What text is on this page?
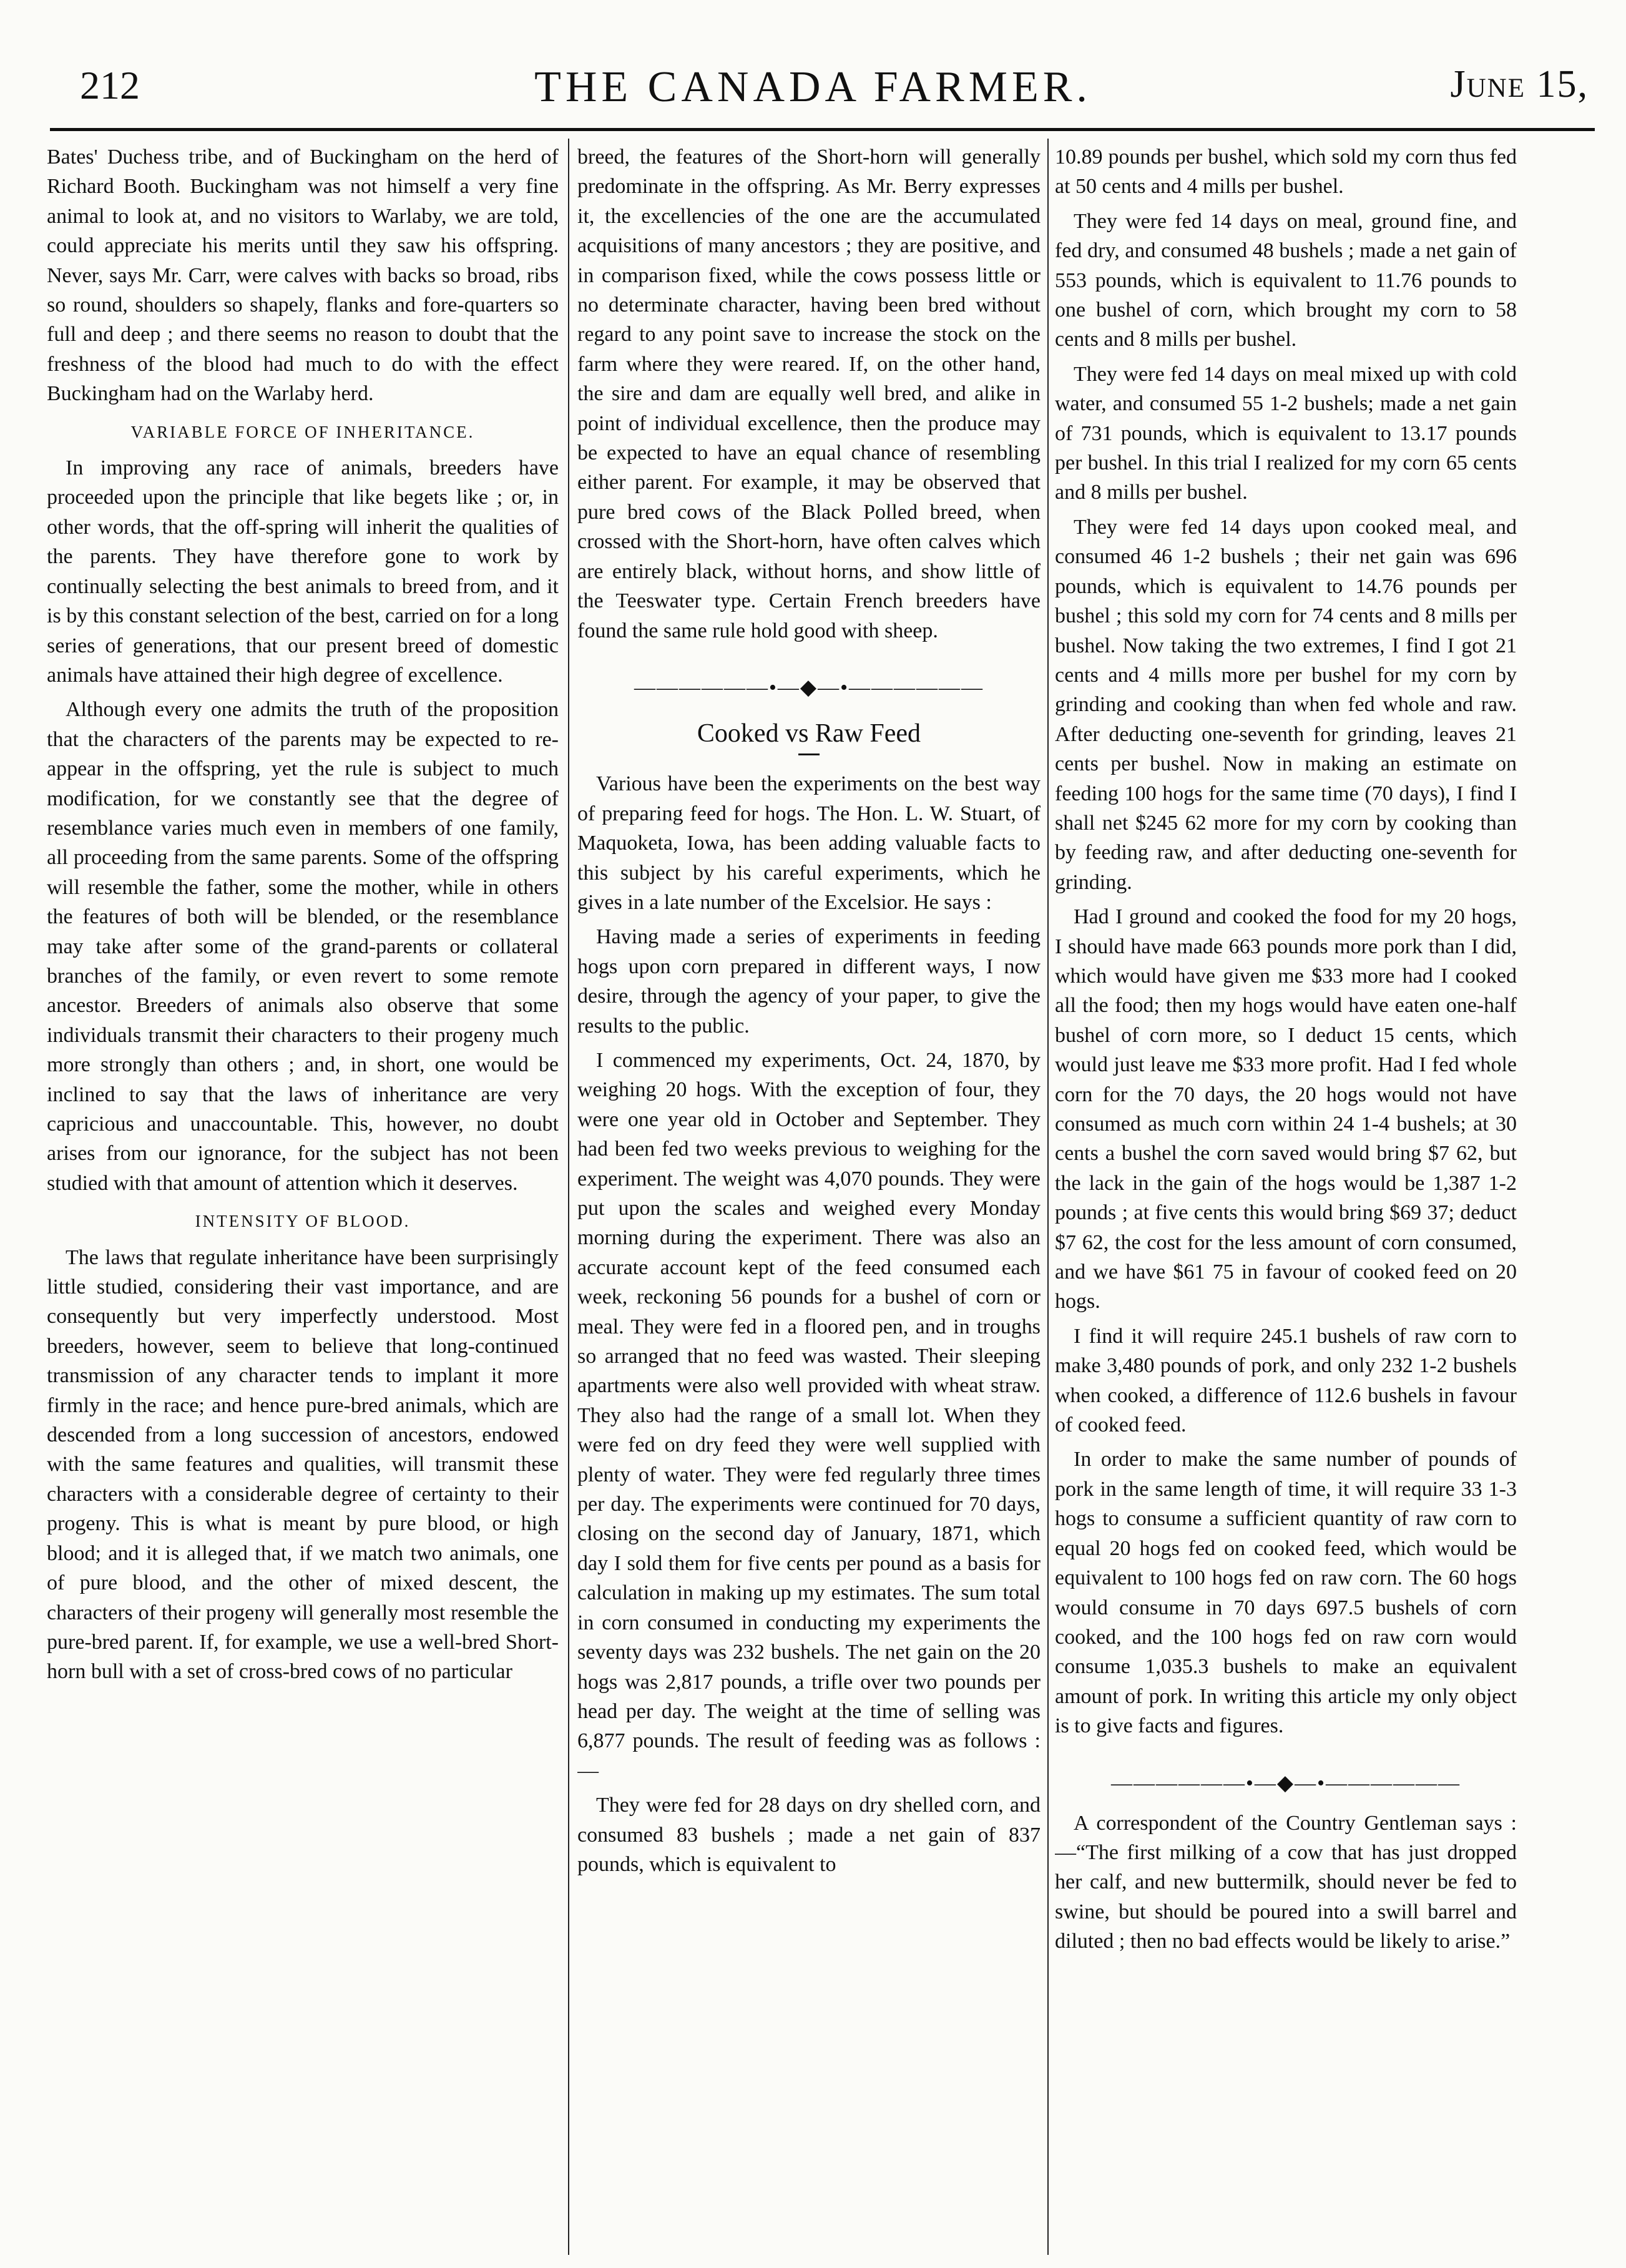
212	THE CANADA FARMER.	June 15,

Bates' Duchess tribe, and of Buckingham on the herd of Richard Booth. Buckingham was not himself a very fine animal to look at, and no visitors to Warlaby, we are told, could appreciate his merits until they saw his offspring. Never, says Mr. Carr, were calves with backs so broad, ribs so round, shoulders so shapely, flanks and fore-quarters so full and deep ; and there seems no reason to doubt that the freshness of the blood had much to do with the effect Buckingham had on the Warlaby herd.

VARIABLE FORCE OF INHERITANCE.

In improving any race of animals, breeders have proceeded upon the principle that like begets like ; or, in other words, that the off-spring will inherit the qualities of the parents. They have therefore gone to work by continually selecting the best animals to breed from, and it is by this constant selection of the best, carried on for a long series of generations, that our present breed of domestic animals have attained their high degree of excellence.

Although every one admits the truth of the proposition that the characters of the parents may be expected to re-appear in the offspring, yet the rule is subject to much modification, for we constantly see that the degree of resemblance varies much even in members of one family, all proceeding from the same parents. Some of the offspring will resemble the father, some the mother, while in others the features of both will be blended, or the resemblance may take after some of the grand-parents or collateral branches of the family, or even revert to some remote ancestor. Breeders of animals also observe that some individuals transmit their characters to their progeny much more strongly than others ; and, in short, one would be inclined to say that the laws of inheritance are very capricious and unaccountable. This, however, no doubt arises from our ignorance, for the subject has not been studied with that amount of attention which it deserves.

INTENSITY OF BLOOD.

The laws that regulate inheritance have been surprisingly little studied, considering their vast importance, and are consequently but very imperfectly understood. Most breeders, however, seem to believe that long-continued transmission of any character tends to implant it more firmly in the race; and hence pure-bred animals, which are descended from a long succession of ancestors, endowed with the same features and qualities, will transmit these characters with a considerable degree of certainty to their progeny. This is what is meant by pure blood, or high blood; and it is alleged that, if we match two animals, one of pure blood, and the other of mixed descent, the characters of their progeny will generally most resemble the pure-bred parent. If, for example, we use a well-bred Short-horn bull with a set of cross-bred cows of no particular

breed, the features of the Short-horn will generally predominate in the offspring. As Mr. Berry expresses it, the excellencies of the one are the accumulated acquisitions of many ancestors ; they are positive, and in comparison fixed, while the cows possess little or no determinate character, having been bred without regard to any point save to increase the stock on the farm where they were reared. If, on the other hand, the sire and dam are equally well bred, and alike in point of individual excellence, then the produce may be expected to have an equal chance of resembling either parent. For example, it may be observed that pure bred cows of the Black Polled breed, when crossed with the Short-horn, have often calves which are entirely black, without horns, and show little of the Teeswater type. Certain French breeders have found the same rule hold good with sheep.

——————•—◆—•——————
Cooked vs Raw Feed

Various have been the experiments on the best way of preparing feed for hogs. The Hon. L. W. Stuart, of Maquoketa, Iowa, has been adding valuable facts to this subject by his careful experiments, which he gives in a late number of the Excelsior. He says :

Having made a series of experiments in feeding hogs upon corn prepared in different ways, I now desire, through the agency of your paper, to give the results to the public.

I commenced my experiments, Oct. 24, 1870, by weighing 20 hogs. With the exception of four, they were one year old in October and September. They had been fed two weeks previous to weighing for the experiment. The weight was 4,070 pounds. They were put upon the scales and weighed every Monday morning during the experiment. There was also an accurate account kept of the feed consumed each week, reckoning 56 pounds for a bushel of corn or meal. They were fed in a floored pen, and in troughs so arranged that no feed was wasted. Their sleeping apartments were also well provided with wheat straw. They also had the range of a small lot. When they were fed on dry feed they were well supplied with plenty of water. They were fed regularly three times per day. The experiments were continued for 70 days, closing on the second day of January, 1871, which day I sold them for five cents per pound as a basis for calculation in making up my estimates. The sum total in corn consumed in conducting my experiments the seventy days was 232 bushels. The net gain on the 20 hogs was 2,817 pounds, a trifle over two pounds per head per day. The weight at the time of selling was 6,877 pounds. The result of feeding was as follows :—

They were fed for 28 days on dry shelled corn, and consumed 83 bushels ; made a net gain of 837 pounds, which is equivalent to

10.89 pounds per bushel, which sold my corn thus fed at 50 cents and 4 mills per bushel.

They were fed 14 days on meal, ground fine, and fed dry, and consumed 48 bushels ; made a net gain of 553 pounds, which is equivalent to 11.76 pounds to one bushel of corn, which brought my corn to 58 cents and 8 mills per bushel.

They were fed 14 days on meal mixed up with cold water, and consumed 55 1-2 bushels; made a net gain of 731 pounds, which is equivalent to 13.17 pounds per bushel. In this trial I realized for my corn 65 cents and 8 mills per bushel.

They were fed 14 days upon cooked meal, and consumed 46 1-2 bushels ; their net gain was 696 pounds, which is equivalent to 14.76 pounds per bushel ; this sold my corn for 74 cents and 8 mills per bushel. Now taking the two extremes, I find I got 21 cents and 4 mills more per bushel for my corn by grinding and cooking than when fed whole and raw. After deducting one-seventh for grinding, leaves 21 cents per bushel. Now in making an estimate on feeding 100 hogs for the same time (70 days), I find I shall net $245 62 more for my corn by cooking than by feeding raw, and after deducting one-seventh for grinding.

Had I ground and cooked the food for my 20 hogs, I should have made 663 pounds more pork than I did, which would have given me $33 more had I cooked all the food; then my hogs would have eaten one-half bushel of corn more, so I deduct 15 cents, which would just leave me $33 more profit. Had I fed whole corn for the 70 days, the 20 hogs would not have consumed as much corn within 24 1-4 bushels; at 30 cents a bushel the corn saved would bring $7 62, but the lack in the gain of the hogs would be 1,387 1-2 pounds ; at five cents this would bring $69 37; deduct $7 62, the cost for the less amount of corn consumed, and we have $61 75 in favour of cooked feed on 20 hogs.

I find it will require 245.1 bushels of raw corn to make 3,480 pounds of pork, and only 232 1-2 bushels when cooked, a difference of 112.6 bushels in favour of cooked feed.

In order to make the same number of pounds of pork in the same length of time, it will require 33 1-3 hogs to consume a sufficient quantity of raw corn to equal 20 hogs fed on cooked feed, which would be equivalent to 100 hogs fed on raw corn. The 60 hogs would consume in 70 days 697.5 bushels of corn cooked, and the 100 hogs fed on raw corn would consume 1,035.3 bushels to make an equivalent amount of pork. In writing this article my only object is to give facts and figures.

——————•—◆—•——————

A correspondent of the Country Gentleman says :—“The first milking of a cow that has just dropped her calf, and new buttermilk, should never be fed to swine, but should be poured into a swill barrel and diluted ; then no bad effects would be likely to arise.”
